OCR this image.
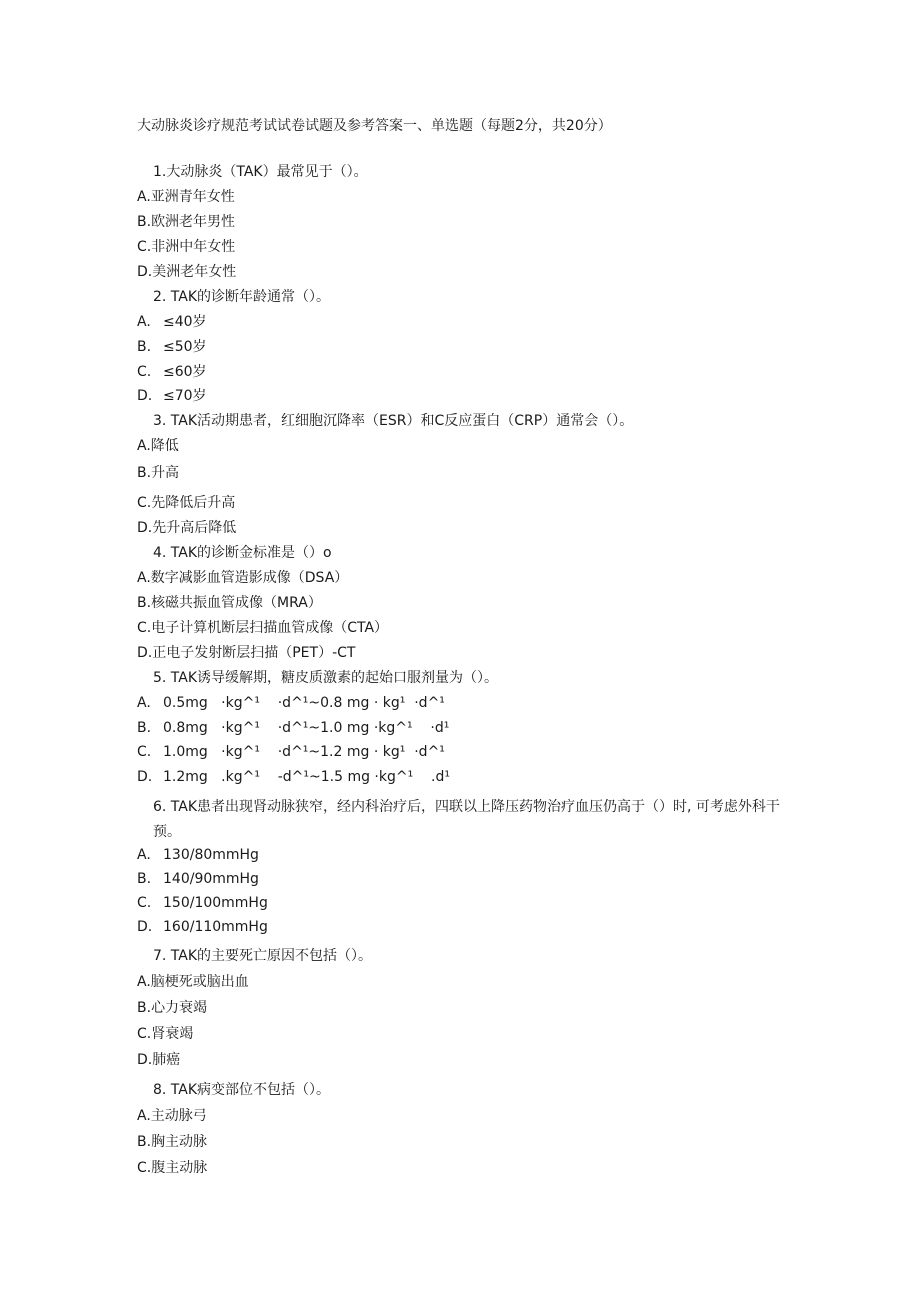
大动脉炎诊疗规范考试试卷试题及参考答案一、单选题（每题2分，共20分）
1.大动脉炎（TAK）最常见于（）。
A.亚洲青年女性
B.欧洲老年男性
C.非洲中年女性
D.美洲老年女性
2. TAK的诊断年龄通常（）。
A. ≤40岁
B. ≤50岁
C. ≤60岁
D. ≤70岁
3. TAK活动期患者，红细胞沉降率（ESR）和C反应蛋白（CRP）通常会（）。
A.降低
B.升高
C.先降低后升高
D.先升高后降低
4. TAK的诊断金标准是（）o
A.数字减影血管造影成像（DSA）
B.核磁共振血管成像（MRA）
C.电子计算机断层扫描血管成像（CTA）
D.正电子发射断层扫描（PET）-CT
5. TAK诱导缓解期，糖皮质激素的起始口服剂量为（）。
A. 0.5mg   ·kg^¹    ·d^¹~0.8 mg · kg¹  ·d^¹
B. 0.8mg   ·kg^¹    ·d^¹~1.0 mg ·kg^¹    ·d¹
C. 1.0mg   ·kg^¹    ·d^¹~1.2 mg · kg¹  ·d^¹
D. 1.2mg   .kg^¹    -d^¹~1.5 mg ·kg^¹    .d¹
6. TAK患者出现肾动脉狭窄，经内科治疗后，四联以上降压药物治疗血压仍高于（）时, 可考虑外科干预。
A. 130/80mmHg
B. 140/90mmHg
C. 150/100mmHg
D. 160/110mmHg
7. TAK的主要死亡原因不包括（）。
A.脑梗死或脑出血
B.心力衰竭
C.肾衰竭
D.肺癌
8. TAK病变部位不包括（）。
A.主动脉弓
B.胸主动脉
C.腹主动脉
